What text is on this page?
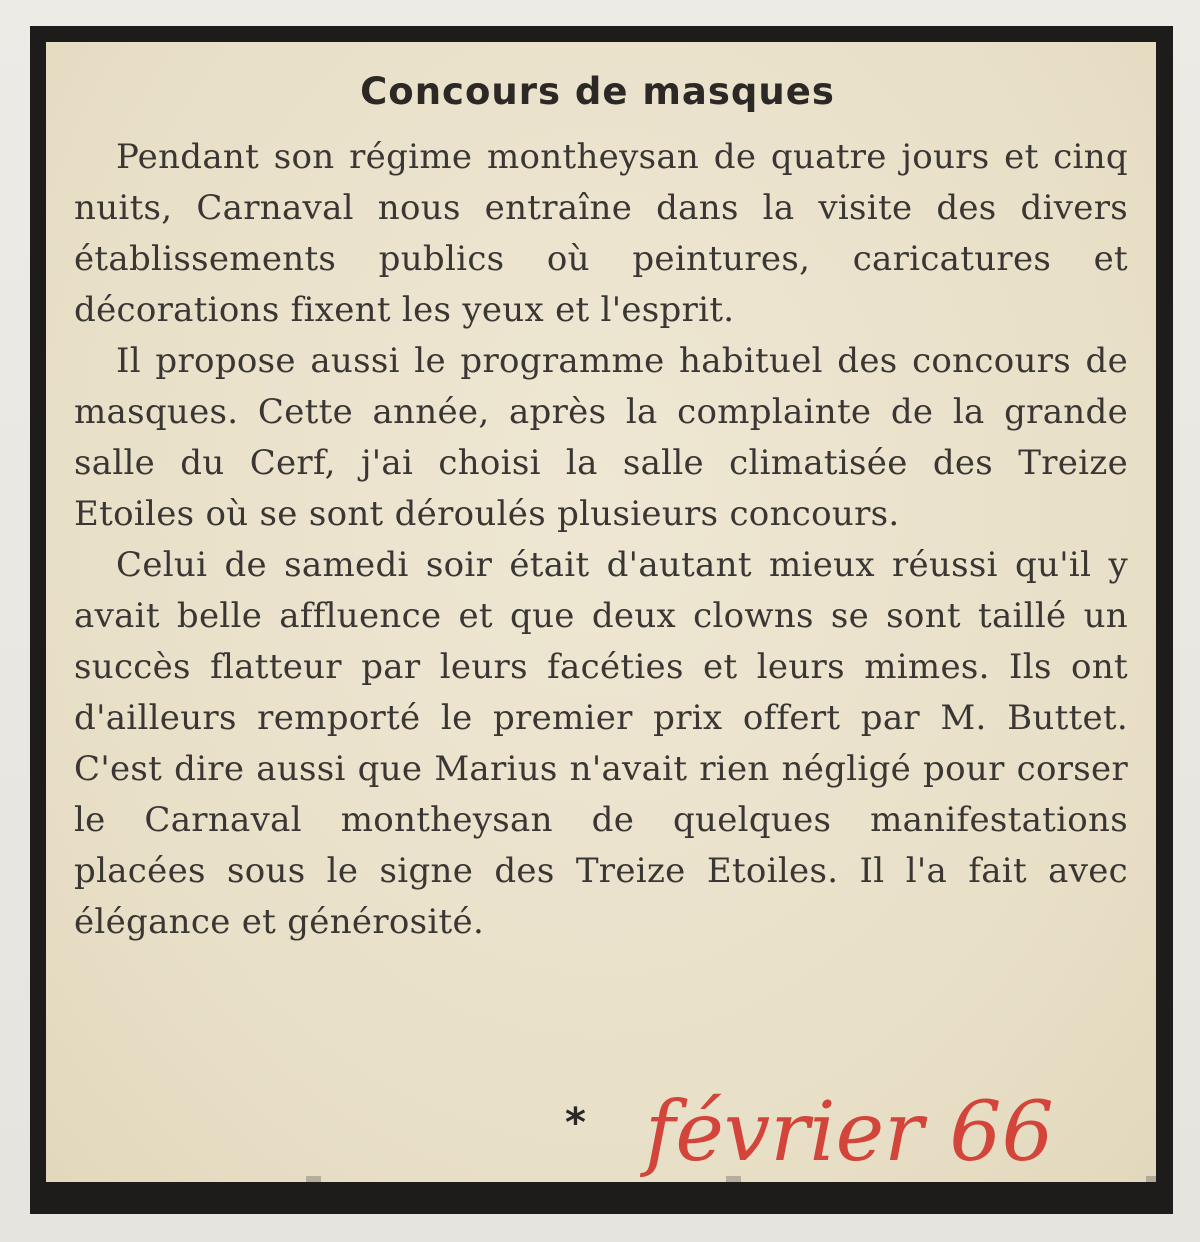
Concours de masques

Pendant son régime montheysan de quatre jours et cinq nuits, Carnaval nous entraîne dans la visite des divers établissements publics où peintures, caricatures et décorations fixent les yeux et l'esprit.

Il propose aussi le programme habituel des concours de masques. Cette année, après la complainte de la grande salle du Cerf, j'ai choisi la salle climatisée des Treize Etoiles où se sont déroulés plusieurs concours.

Celui de samedi soir était d'autant mieux réussi qu'il y avait belle affluence et que deux clowns se sont taillé un succès flatteur par leurs facéties et leurs mimes. Ils ont d'ailleurs remporté le premier prix offert par M. Buttet. C'est dire aussi que Marius n'avait rien négligé pour corser le Carnaval montheysan de quelques manifestations placées sous le signe des Treize Etoiles. Il l'a fait avec élégance et générosité.

* février 66
